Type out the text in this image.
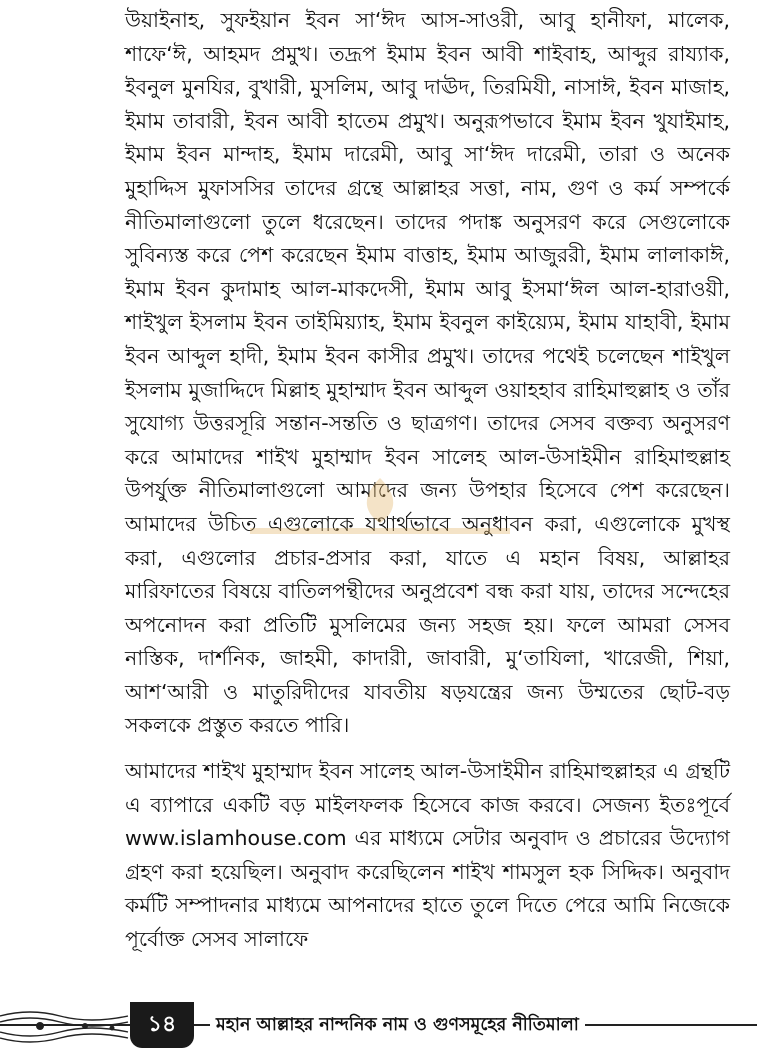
উয়াইনাহ, সুফইয়ান ইবন সা‘ঈদ আস-সাওরী, আবু হানীফা, মালেক, শাফে‘ঈ, আহমদ প্রমুখ। তদ্রূপ ইমাম ইবন আবী শাইবাহ, আব্দুর রায্যাক, ইবনুল মুনযির, বুখারী, মুসলিম, আবু দাঊদ, তিরমিযী, নাসাঈ, ইবন মাজাহ, ইমাম তাবারী, ইবন আবী হাতেম প্রমুখ। অনুরূপভাবে ইমাম ইবন খুযাইমাহ, ইমাম ইবন মান্দাহ, ইমাম দারেমী, আবু সা‘ঈদ দারেমী, তারা ও অনেক মুহাদ্দিস মুফাসসির তাদের গ্রন্থে আল্লাহর সত্তা, নাম, গুণ ও কর্ম সম্পর্কে নীতিমালাগুলো তুলে ধরেছেন। তাদের পদাঙ্ক অনুসরণ করে সেগুলোকে সুবিন্যস্ত করে পেশ করেছেন ইমাম বাত্তাহ, ইমাম আজুররী, ইমাম লালাকাঈ, ইমাম ইবন কুদামাহ আল-মাকদেসী, ইমাম আবু ইসমা‘ঈল আল-হারাওয়ী, শাইখুল ইসলাম ইবন তাইমিয়্যাহ, ইমাম ইবনুল কাইয়্যেম, ইমাম যাহাবী, ইমাম ইবন আব্দুল হাদী, ইমাম ইবন কাসীর প্রমুখ। তাদের পথেই চলেছেন শাইখুল ইসলাম মুজাদ্দিদে মিল্লাহ মুহাম্মাদ ইবন আব্দুল ওয়াহহাব রাহিমাহুল্লাহ ও তাঁর সুযোগ্য উত্তরসূরি সন্তান-সন্ততি ও ছাত্রগণ। তাদের সেসব বক্তব্য অনুসরণ করে আমাদের শাইখ মুহাম্মাদ ইবন সালেহ আল-উসাইমীন রাহিমাহুল্লাহ উপর্যুক্ত নীতিমালাগুলো আমাদের জন্য উপহার হিসেবে পেশ করেছেন। আমাদের উচিত এগুলোকে যথার্থভাবে অনুধাবন করা, এগুলোকে মুখস্থ করা, এগুলোর প্রচার-প্রসার করা, যাতে এ মহান বিষয়, আল্লাহর মারিফাতের বিষয়ে বাতিলপন্থীদের অনুপ্রবেশ বন্ধ করা যায়, তাদের সন্দেহের অপনোদন করা প্রতিটি মুসলিমের জন্য সহজ হয়। ফলে আমরা সেসব নাস্তিক, দার্শনিক, জাহমী, কাদারী, জাবারী, মু‘তাযিলা, খারেজী, শিয়া, আশ‘আরী ও মাতুরিদীদের যাবতীয় ষড়যন্ত্রের জন্য উম্মতের ছোট-বড় সকলকে প্রস্তুত করতে পারি।

আমাদের শাইখ মুহাম্মাদ ইবন সালেহ আল-উসাইমীন রাহিমাহুল্লাহর এ গ্রন্থটি এ ব্যাপারে একটি বড় মাইলফলক হিসেবে কাজ করবে। সেজন্য ইতঃপূর্বে www.islamhouse.com এর মাধ্যমে সেটার অনুবাদ ও প্রচারের উদ্যোগ গ্রহণ করা হয়েছিল। অনুবাদ করেছিলেন শাইখ শামসুল হক সিদ্দিক। অনুবাদ কর্মটি সম্পাদনার মাধ্যমে আপনাদের হাতে তুলে দিতে পেরে আমি নিজেকে পূর্বোক্ত সেসব সালাফে

১৪	মহান আল্লাহর নান্দনিক নাম ও গুণসমূহের নীতিমালা
